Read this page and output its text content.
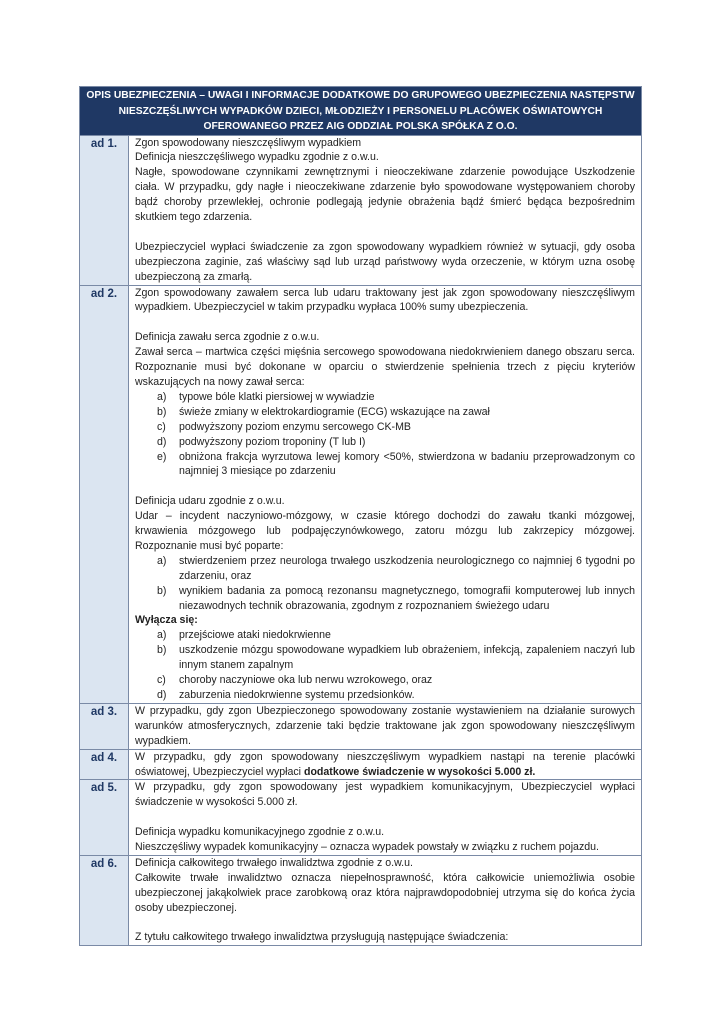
OPIS UBEZPIECZENIA – UWAGI I INFORMACJE DODATKOWE DO GRUPOWEGO UBEZPIECZENIA NASTĘPSTW
NIESZCZĘŚLIWYCH WYPADKÓW DZIECI, MŁODZIEŻY I PERSONELU PLACÓWEK OŚWIATOWYCH
OFEROWANEGO PRZEZ AIG ODDZIAŁ POLSKA SPÓŁKA Z O.O.
ad 1.	Zgon spowodowany nieszczęśliwym wypadkiem

Definicja nieszczęśliwego wypadku zgodnie z o.w.u.

Nagłe, spowodowane czynnikami zewnętrznymi i nieoczekiwane zdarzenie powodujące Uszkodzenie ciała. W przypadku, gdy nagłe i nieoczekiwane zdarzenie było spowodowane występowaniem choroby bądź choroby przewlekłej, ochronie podlegają jedynie obrażenia bądź śmierć będąca bezpośrednim skutkiem tego zdarzenia.

Ubezpieczyciel wypłaci świadczenie za zgon spowodowany wypadkiem również w sytuacji, gdy osoba ubezpieczona zaginie, zaś właściwy sąd lub urząd państwowy wyda orzeczenie, w którym uzna osobę ubezpieczoną za zmarłą.

ad 2.	Zgon spowodowany zawałem serca lub udaru traktowany jest jak zgon spowodowany nieszczęśliwym wypadkiem. Ubezpieczyciel w takim przypadku wypłaca 100% sumy ubezpieczenia.

Definicja zawału serca zgodnie z o.w.u.

Zawał serca – martwica części mięśnia sercowego spowodowana niedokrwieniem danego obszaru serca. Rozpoznanie musi być dokonane w oparciu o stwierdzenie spełnienia trzech z pięciu kryteriów wskazujących na nowy zawał serca:

a) typowe bóle klatki piersiowej w wywiadzie
b) świeże zmiany w elektrokardiogramie (ECG) wskazujące na zawał
c) podwyższony poziom enzymu sercowego CK-MB
d) podwyższony poziom troponiny (T lub I)
e) obniżona frakcja wyrzutowa lewej komory <50%, stwierdzona w badaniu przeprowadzonym co najmniej 3 miesiące po zdarzeniu

Definicja udaru zgodnie z o.w.u.

Udar – incydent naczyniowo-mózgowy, w czasie którego dochodzi do zawału tkanki mózgowej, krwawienia mózgowego lub podpajęczynówkowego, zatoru mózgu lub zakrzepicy mózgowej. Rozpoznanie musi być poparte:

a) stwierdzeniem przez neurologa trwałego uszkodzenia neurologicznego co najmniej 6 tygodni po zdarzeniu, oraz
b) wynikiem badania za pomocą rezonansu magnetycznego, tomografii komputerowej lub innych niezawodnych technik obrazowania, zgodnym z rozpoznaniem świeżego udaru

Wyłącza się:

a) przejściowe ataki niedokrwienne
b) uszkodzenie mózgu spowodowane wypadkiem lub obrażeniem, infekcją, zapaleniem naczyń lub innym stanem zapalnym
c) choroby naczyniowe oka lub nerwu wzrokowego, oraz
d) zaburzenia niedokrwienne systemu przedsionków.
ad 3.	W przypadku, gdy zgon Ubezpieczonego spowodowany zostanie wystawieniem na działanie surowych warunków atmosferycznych, zdarzenie taki będzie traktowane jak zgon spowodowany nieszczęśliwym wypadkiem.

ad 4.	W przypadku, gdy zgon spowodowany nieszczęśliwym wypadkiem nastąpi na terenie placówki oświatowej, Ubezpieczyciel wypłaci dodatkowe świadczenie w wysokości 5.000 zł.

ad 5.	W przypadku, gdy zgon spowodowany jest wypadkiem komunikacyjnym, Ubezpieczyciel wypłaci świadczenie w wysokości 5.000 zł.

Definicja wypadku komunikacyjnego zgodnie z o.w.u.

Nieszczęśliwy wypadek komunikacyjny – oznacza wypadek powstały w związku z ruchem pojazdu.

ad 6.	Definicja całkowitego trwałego inwalidztwa zgodnie z o.w.u.

Całkowite trwałe inwalidztwo oznacza niepełnosprawność, która całkowicie uniemożliwia osobie ubezpieczonej jakąkolwiek prace zarobkową oraz która najprawdopodobniej utrzyma się do końca życia osoby ubezpieczonej.

Z tytułu całkowitego trwałego inwalidztwa przysługują następujące świadczenia:
